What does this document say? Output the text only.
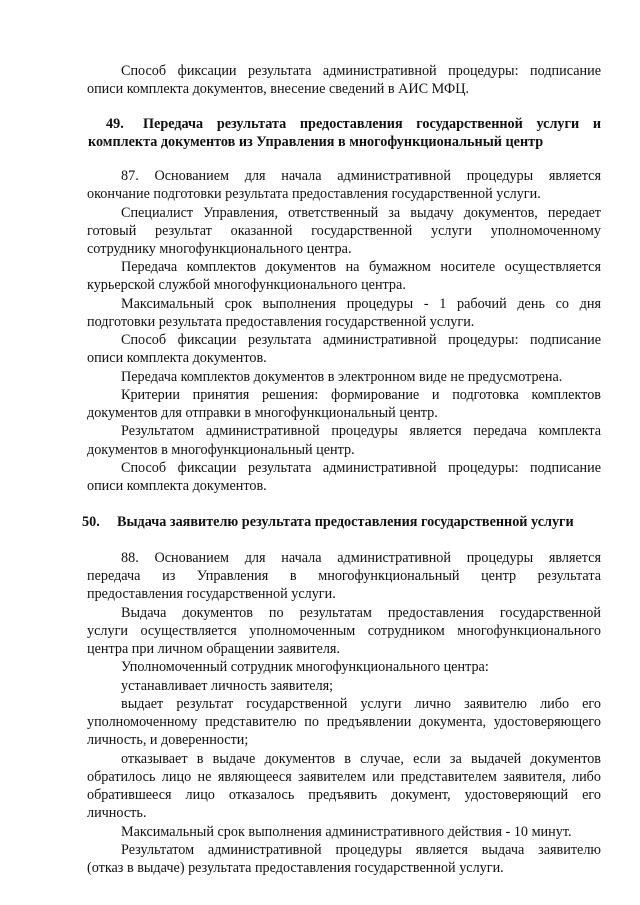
Способ фиксации результата административной процедуры: подписание
описи комплекта документов, внесение сведений в АИС МФЦ.
49. Передача результата предоставления государственной услуги и
комплекта документов из Управления в многофункциональный центр
87. Основанием для начала административной процедуры является
окончание подготовки результата предоставления государственной услуги.
Специалист Управления, ответственный за выдачу документов, передает
готовый результат оказанной государственной услуги уполномоченному
сотруднику многофункционального центра.
Передача комплектов документов на бумажном носителе осуществляется
курьерской службой многофункционального центра.
Максимальный срок выполнения процедуры - 1 рабочий день со дня
подготовки результата предоставления государственной услуги.
Способ фиксации результата административной процедуры: подписание
описи комплекта документов.
Передача комплектов документов в электронном виде не предусмотрена.
Критерии принятия решения: формирование и подготовка комплектов
документов для отправки в многофункциональный центр.
Результатом административной процедуры является передача комплекта
документов в многофункциональный центр.
Способ фиксации результата административной процедуры: подписание
описи комплекта документов.
50. Выдача заявителю результата предоставления государственной услуги
88. Основанием для начала административной процедуры является
передача из Управления в многофункциональный центр результата
предоставления государственной услуги.
Выдача документов по результатам предоставления государственной
услуги осуществляется уполномоченным сотрудником многофункционального
центра при личном обращении заявителя.
Уполномоченный сотрудник многофункционального центра:
устанавливает личность заявителя;
выдает результат государственной услуги лично заявителю либо его
уполномоченному представителю по предъявлении документа, удостоверяющего
личность, и доверенности;
отказывает в выдаче документов в случае, если за выдачей документов
обратилось лицо не являющееся заявителем или представителем заявителя, либо
обратившееся лицо отказалось предъявить документ, удостоверяющий его
личность.
Максимальный срок выполнения административного действия - 10 минут.
Результатом административной процедуры является выдача заявителю
(отказ в выдаче) результата предоставления государственной услуги.
